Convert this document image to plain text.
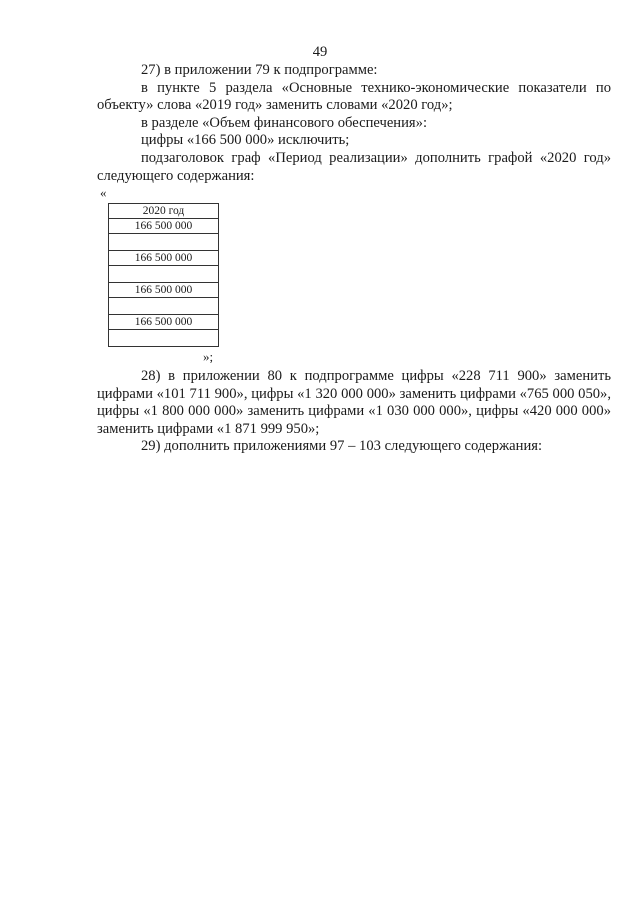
49

27) в приложении 79 к подпрограмме:

в пункте 5 раздела «Основные технико-экономические показатели по объекту» слова «2019 год» заменить словами «2020 год»;

в разделе «Объем финансового обеспечения»:

цифры «166 500 000» исключить;

подзаголовок граф «Период реализации» дополнить графой «2020 год» следующего содержания:

«
2020 год
166 500 000

166 500 000

166 500 000

166 500 000

»;

28) в приложении 80 к подпрограмме цифры «228 711 900» заменить цифрами «101 711 900», цифры «1 320 000 000» заменить цифрами «765 000 050», цифры «1 800 000 000» заменить цифрами «1 030 000 000», цифры «420 000 000» заменить цифрами «1 871 999 950»;

29) дополнить приложениями 97 – 103 следующего содержания:
